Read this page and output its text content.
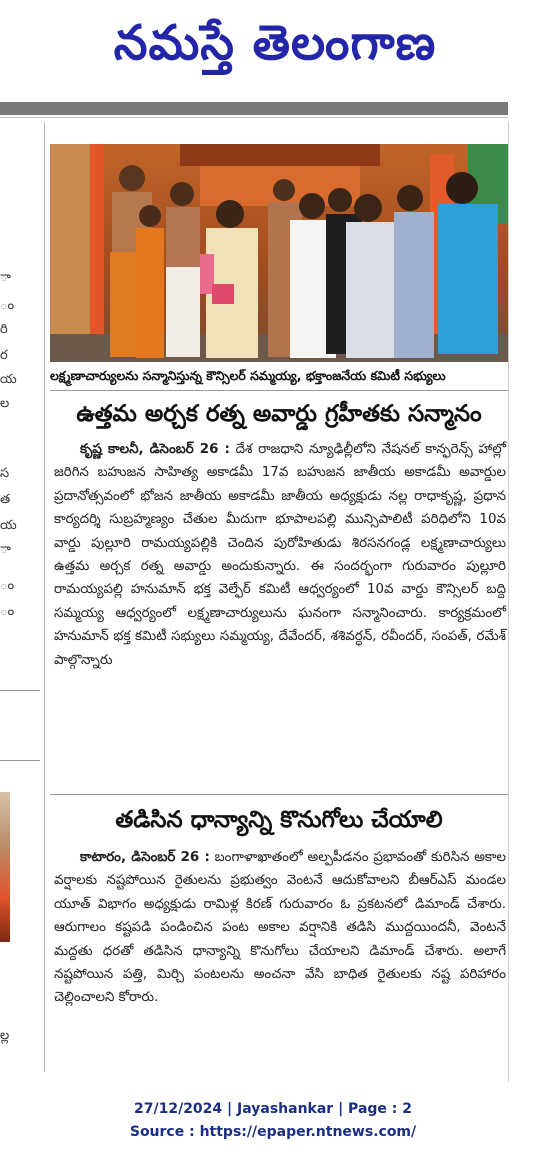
నమస్తే తెలంగాణ
ా
ం
రి
ర
య
ల
స
త
య
ా
ం
ం
ల్ల
లక్ష్మణాచార్యులను సన్మానిస్తున్న కౌన్సిలర్ సమ్మయ్య, భక్తాంజనేయ కమిటీ సభ్యులు
ఉత్తమ అర్చక రత్న అవార్డు గ్రహీతకు సన్మానం

కృష్ణ కాలనీ, డిసెంబర్ 26 : దేశ రాజధాని న్యూఢిల్లీలోని నేషనల్ కాన్ఫరెన్స్ హాల్లో జరిగిన బహుజన సాహిత్య అకాడమీ 17వ బహుజన జాతీయ అకాడమీ అవార్డుల ప్రదానోత్సవంలో భోజన జాతీయ అకాడమీ జాతీయ అధ్యక్షుడు నల్ల రాధాకృష్ణ, ప్రధాన కార్యదర్శి సుబ్రహ్మణ్యం చేతుల మీదుగా భూపాలపల్లి మున్సిపాలిటీ పరిధిలోని 10వ వార్డు పుల్లూరి రామయ్యపల్లికి చెందిన పురోహితుడు శిరసనగండ్ల లక్ష్మణాచార్యులు ఉత్తమ అర్చక రత్న అవార్డు అందుకున్నారు. ఈ సందర్భంగా గురువారం పుల్లూరి రామయ్యపల్లి హనుమాన్ భక్త వెల్ఫేర్ కమిటీ ఆధ్వర్యంలో 10వ వార్డు కౌన్సిలర్ బద్ది సమ్మయ్య ఆధ్వర్యంలో లక్ష్మణాచార్యులును ఘనంగా సన్మానించారు. కార్యక్రమంలో హనుమాన్ భక్త కమిటీ సభ్యులు సమ్మయ్య, దేవేందర్, శశివర్ధన్, రవీందర్, సంపత్, రమేశ్ పాల్గొన్నారు

తడిసిన ధాన్యాన్ని కొనుగోలు చేయాలి

కాటారం, డిసెంబర్ 26 : బంగాళాఖాతంలో అల్పపీడనం ప్రభావంతో కురిసిన అకాల వర్షాలకు నష్టపోయిన రైతులను ప్రభుత్వం వెంటనే ఆదుకోవాలని బీఆర్ఎస్ మండల యూత్ విభాగం అధ్యక్షుడు రామిళ్ల కిరణ్ గురువారం ఓ ప్రకటనలో డిమాండ్ చేశారు. ఆరుగాలం కష్టపడి పండించిన పంట అకాల వర్షానికి తడిసి ముద్దయిందనీ, వెంటనే మద్దతు ధరతో తడిసిన ధాన్యాన్ని కొనుగోలు చేయాలని డిమాండ్ చేశారు. అలాగే నష్టపోయిన పత్తి, మిర్చి పంటలను అంచనా వేసి బాధిత రైతులకు నష్ట పరిహారం చెల్లించాలని కోరారు.

27/12/2024 | Jayashankar | Page : 2
Source : https://epaper.ntnews.com/
